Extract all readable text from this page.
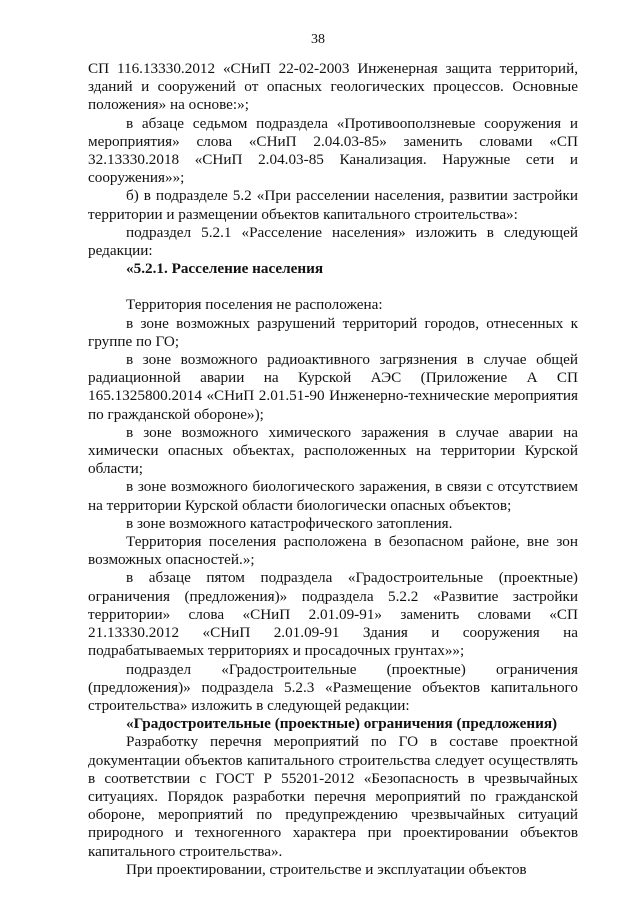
38

СП 116.13330.2012 «СНиП 22-02-2003 Инженерная защита территорий, зданий и сооружений от опасных геологических процессов. Основные положения» на основе:»;

в абзаце седьмом подраздела «Противооползневые сооружения и мероприятия» слова «СНиП 2.04.03-85» заменить словами «СП 32.13330.2018 «СНиП 2.04.03-85 Канализация. Наружные сети и сооружения»»;

б) в подразделе 5.2 «При расселении населения, развитии застройки территории и размещении объектов капитального строительства»:

подраздел 5.2.1 «Расселение населения» изложить в следующей редакции:

«5.2.1. Расселение населения

Территория поселения не расположена:

в зоне возможных разрушений территорий городов, отнесенных к группе по ГО;

в зоне возможного радиоактивного загрязнения в случае общей радиационной аварии на Курской АЭС (Приложение А СП 165.1325800.2014 «СНиП 2.01.51-90 Инженерно-технические мероприятия по гражданской обороне»);

в зоне возможного химического заражения в случае аварии на химически опасных объектах, расположенных на территории Курской области;

в зоне возможного биологического заражения, в связи с отсутствием на территории Курской области биологически опасных объектов;

в зоне возможного катастрофического затопления.

Территория поселения расположена в безопасном районе, вне зон возможных опасностей.»;

в абзаце пятом подраздела «Градостроительные (проектные) ограничения (предложения)» подраздела 5.2.2 «Развитие застройки территории» слова «СНиП 2.01.09-91» заменить словами «СП 21.13330.2012 «СНиП 2.01.09-91 Здания и сооружения на подрабатываемых территориях и просадочных грунтах»»;

подраздел «Градостроительные (проектные) ограничения (предложения)» подраздела 5.2.3 «Размещение объектов капитального строительства» изложить в следующей редакции:

«Градостроительные (проектные) ограничения (предложения)

Разработку перечня мероприятий по ГО в составе проектной документации объектов капитального строительства следует осуществлять в соответствии с ГОСТ Р 55201-2012 «Безопасность в чрезвычайных ситуациях. Порядок разработки перечня мероприятий по гражданской обороне, мероприятий по предупреждению чрезвычайных ситуаций природного и техногенного характера при проектировании объектов капитального строительства».

При проектировании, строительстве и эксплуатации объектов
